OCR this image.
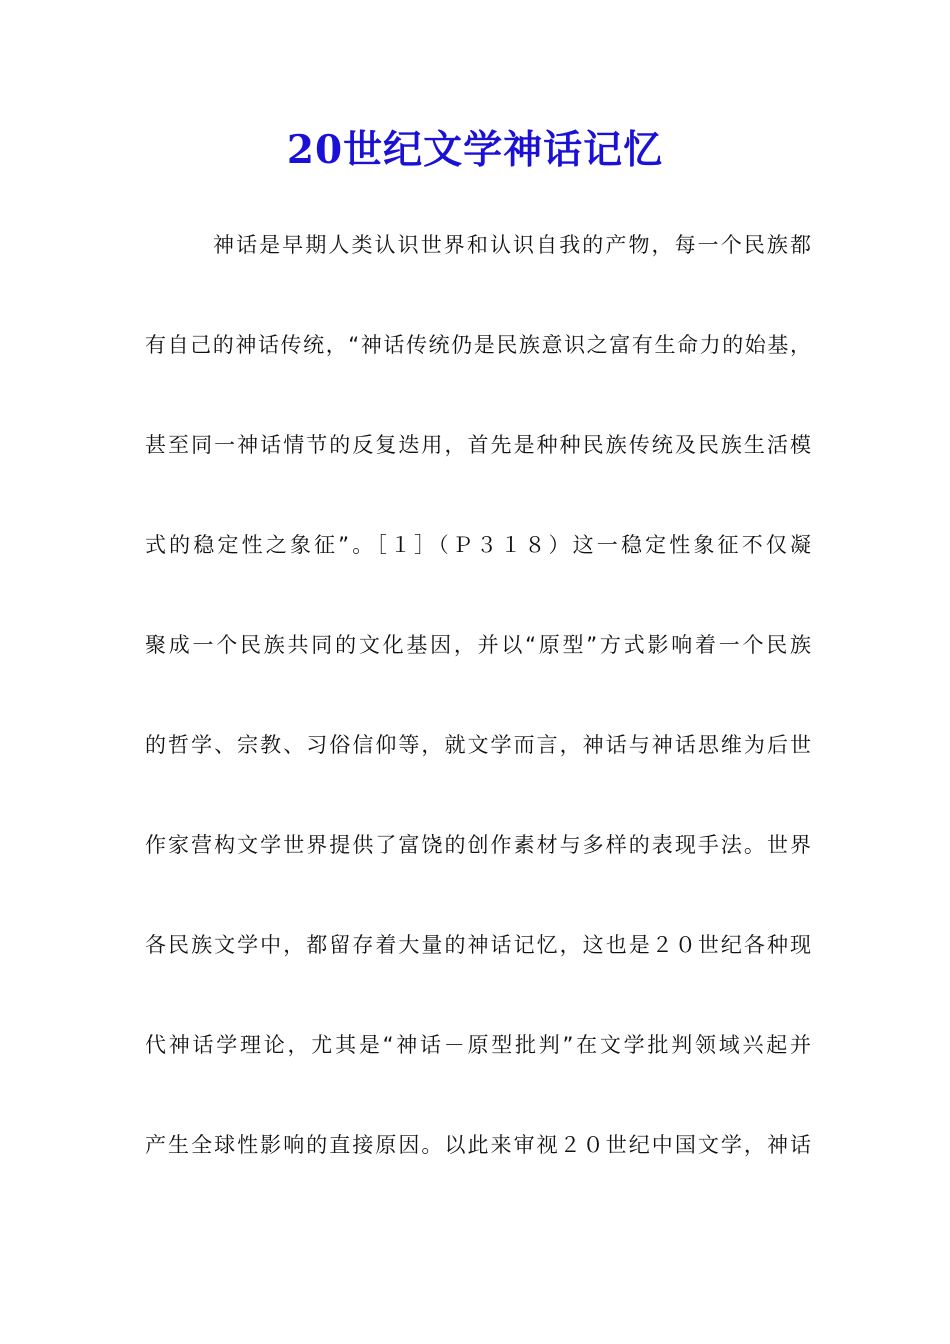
20世纪文学神话记忆
神话是早期人类认识世界和认识自我的产物，每一个民族都
有自己的神话传统，“神话传统仍是民族意识之富有生命力的始基，
甚至同一神话情节的反复迭用，首先是种种民族传统及民族生活模
式的稳定性之象征”。［１］（Ｐ３１８）这一稳定性象征不仅凝
聚成一个民族共同的文化基因，并以“原型”方式影响着一个民族
的哲学、宗教、习俗信仰等，就文学而言，神话与神话思维为后世
作家营构文学世界提供了富饶的创作素材与多样的表现手法。世界
各民族文学中，都留存着大量的神话记忆，这也是２０世纪各种现
代神话学理论，尤其是“神话－原型批判”在文学批判领域兴起并
产生全球性影响的直接原因。以此来审视２０世纪中国文学，神话
